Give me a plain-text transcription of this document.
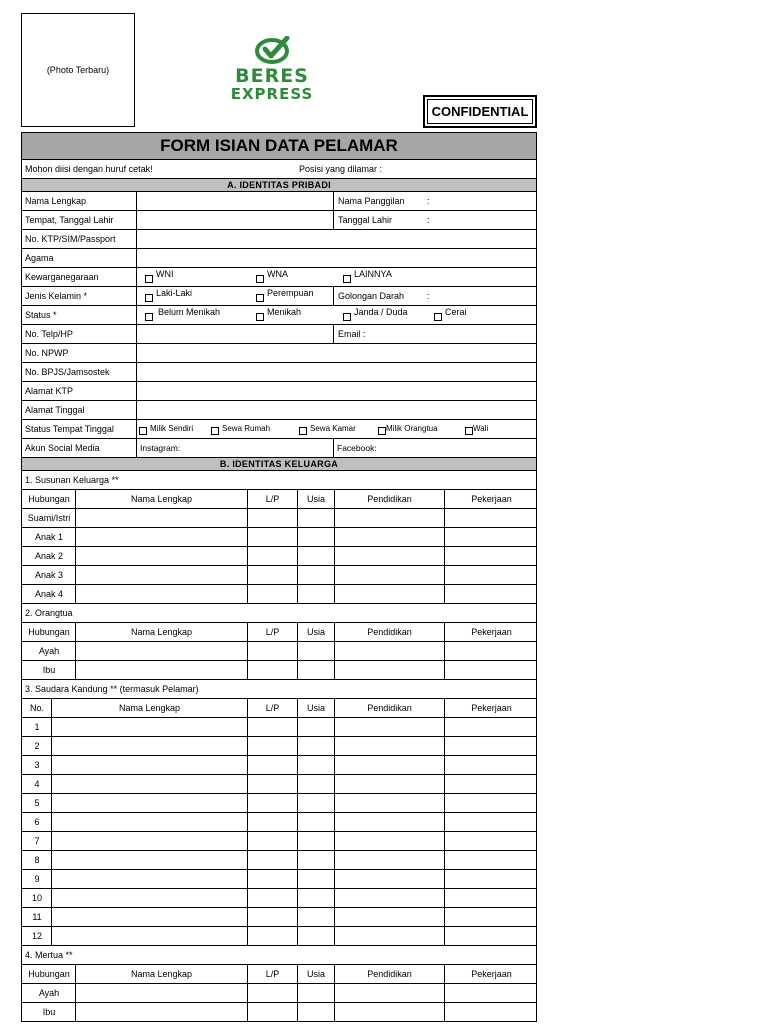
(Photo Terbaru)	BERES
EXPRESS
CONFIDENTIAL
FORM ISIAN DATA PELAMAR
Mohon diisi dengan huruf cetak!	Posisi yang dilamar :
A. IDENTITAS PRIBADI
Nama Lengkap	Nama Panggilan	:
Tempat, Tanggal Lahir	Tanggal Lahir	:
No. KTP/SIM/Passport
Agama
Kewarganegaraan	WNI	WNA	LAINNYA
Jenis Kelamin *	Laki-Laki	Perempuan	Golongan Darah	:
Status *	Belum Menikah	Menikah	Janda / Duda	Cerai
No. Telp/HP	Email :
No. NPWP
No. BPJS/Jamsostek
Alamat KTP
Alamat Tinggal
Status Tempat Tinggal	Milik Sendiri	Sewa Rumah	Sewa Kamar	Milik Orangtua	Wali
Akun Social Media	Instagram:	Facebook:
B. IDENTITAS KELUARGA
1. Susunan Keluarga **
Hubungan	Nama Lengkap	L/P	Usia	Pendidikan	Pekerjaan
Suami/Istri
Anak 1
Anak 2
Anak 3
Anak 4
2. Orangtua
Hubungan	Nama Lengkap	L/P	Usia	Pendidikan	Pekerjaan
Ayah
Ibu
3. Saudara Kandung ** (termasuk Pelamar)
No.	Nama Lengkap	L/P	Usia	Pendidikan	Pekerjaan
1
2
3
4
5
6
7
8
9
10
11
12
4. Mertua **
Hubungan	Nama Lengkap	L/P	Usia	Pendidikan	Pekerjaan
Ayah
Ibu
